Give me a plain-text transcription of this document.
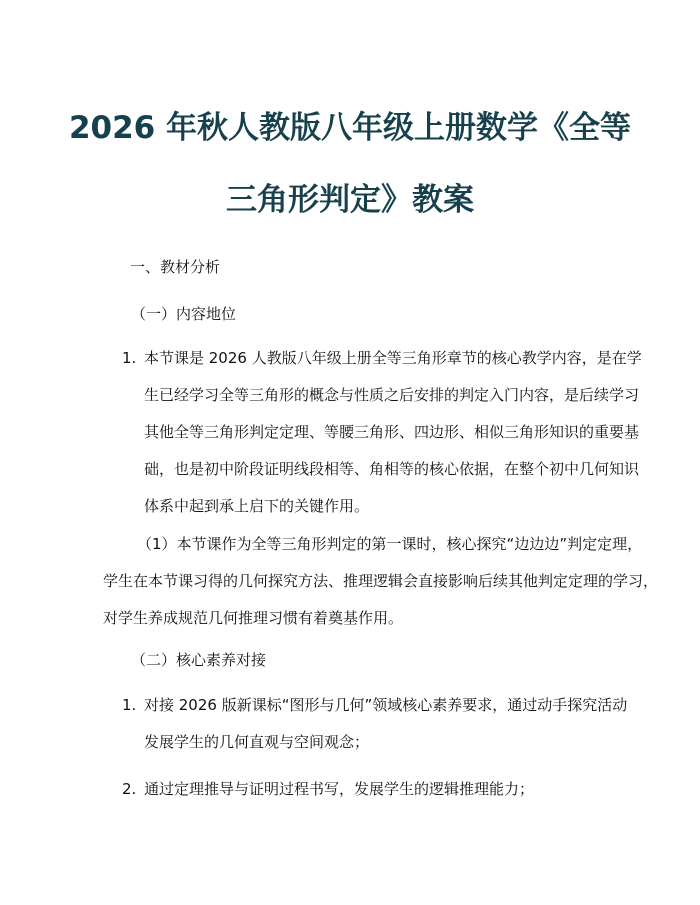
2026 年秋人教版八年级上册数学《全等
三角形判定》教案
一、教材分析
（一）内容地位
1. 本节课是 2026 人教版八年级上册全等三角形章节的核心教学内容，是在学
生已经学习全等三角形的概念与性质之后安排的判定入门内容，是后续学习
其他全等三角形判定定理、等腰三角形、四边形、相似三角形知识的重要基
础，也是初中阶段证明线段相等、角相等的核心依据，在整个初中几何知识
体系中起到承上启下的关键作用。
（1）本节课作为全等三角形判定的第一课时，核心探究“边边边”判定定理，
学生在本节课习得的几何探究方法、推理逻辑会直接影响后续其他判定定理的学习，
对学生养成规范几何推理习惯有着奠基作用。
（二）核心素养对接
1. 对接 2026 版新课标“图形与几何”领域核心素养要求，通过动手探究活动
发展学生的几何直观与空间观念；
2. 通过定理推导与证明过程书写，发展学生的逻辑推理能力；
